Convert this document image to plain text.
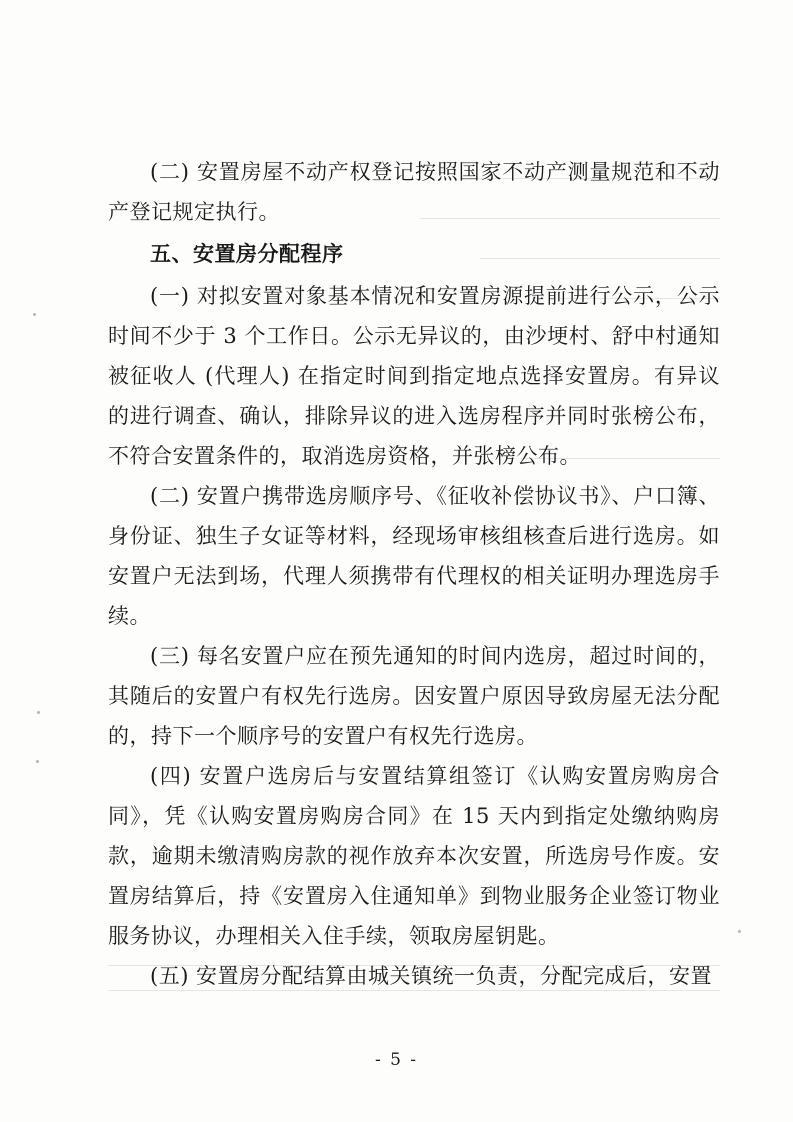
(二) 安置房屋不动产权登记按照国家不动产测量规范和不动产登记规定执行。

五、安置房分配程序

(一) 对拟安置对象基本情况和安置房源提前进行公示，公示时间不少于 3 个工作日。公示无异议的，由沙埂村、舒中村通知被征收人 (代理人) 在指定时间到指定地点选择安置房。有异议的进行调查、确认，排除异议的进入选房程序并同时张榜公布，不符合安置条件的，取消选房资格，并张榜公布。

(二) 安置户携带选房顺序号、《征收补偿协议书》、户口簿、身份证、独生子女证等材料，经现场审核组核查后进行选房。如安置户无法到场，代理人须携带有代理权的相关证明办理选房手续。

(三) 每名安置户应在预先通知的时间内选房，超过时间的，其随后的安置户有权先行选房。因安置户原因导致房屋无法分配的，持下一个顺序号的安置户有权先行选房。

(四) 安置户选房后与安置结算组签订《认购安置房购房合同》，凭《认购安置房购房合同》在 15 天内到指定处缴纳购房款，逾期未缴清购房款的视作放弃本次安置，所选房号作废。安置房结算后，持《安置房入住通知单》到物业服务企业签订物业服务协议，办理相关入住手续，领取房屋钥匙。

(五) 安置房分配结算由城关镇统一负责，分配完成后，安置

- 5 -
